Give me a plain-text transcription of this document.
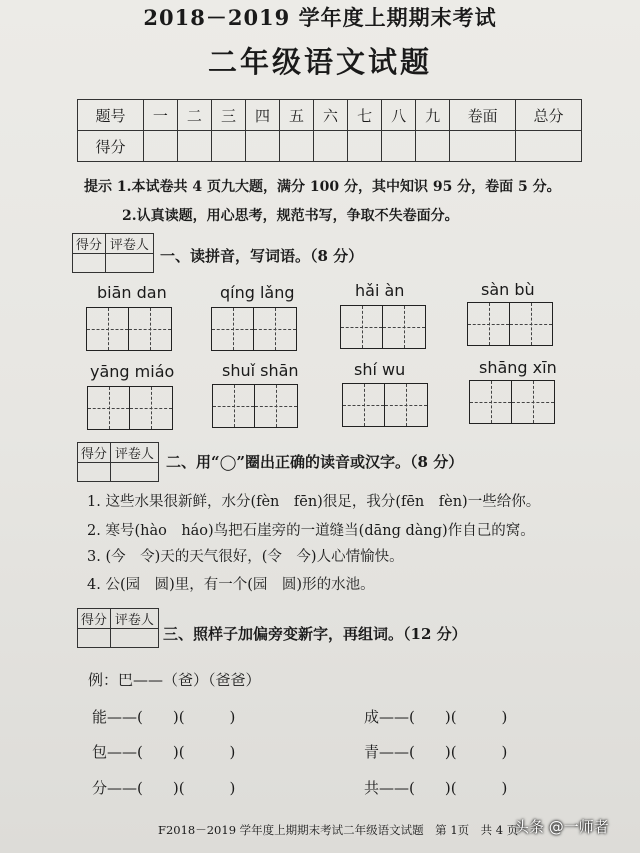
2018－2019 学年度上期期末考试
二年级语文试题
题号	一	二	三	四	五	六	七	八	九	卷面	总分
得分											
提示 1.本试卷共 4 页九大题，满分 100 分，其中知识 95 分，卷面 5 分。
2.认真读题，用心思考，规范书写，争取不失卷面分。
得分	评卷人

一、读拼音，写词语。（8 分）
biān dan	qíng lǎng	hǎi àn	sàn bù
yāng miáo	shuǐ shān	shí wu	shāng xīn
得分	评卷人
	二、用“◯”圈出正确的读音或汉字。（8 分）
1. 这些水果很新鲜，水分(fèn　fēn)很足，我分(fēn　fèn)一些给你。
2. 寒号(hào　háo)鸟把石崖旁的一道缝当(dāng dàng)作自己的窝。
3. (今　令)天的天气很好，(令　今)人心情愉快。
4. 公(园　圆)里，有一个(园　圆)形的水池。
得分	评卷人

三、照样子加偏旁变新字，再组词。（12 分）
例：巴——（爸）（爸爸）
能——(　　)(　　　)
包——(　　)(　　　)
分——(　　)(　　　)
成——(　　)(　　　)
青——(　　)(　　　)
共——(　　)(　　　)
F2018－2019 学年度上期期末考试二年级语文试题　第 1页　共 4 页
头条 @一师者
